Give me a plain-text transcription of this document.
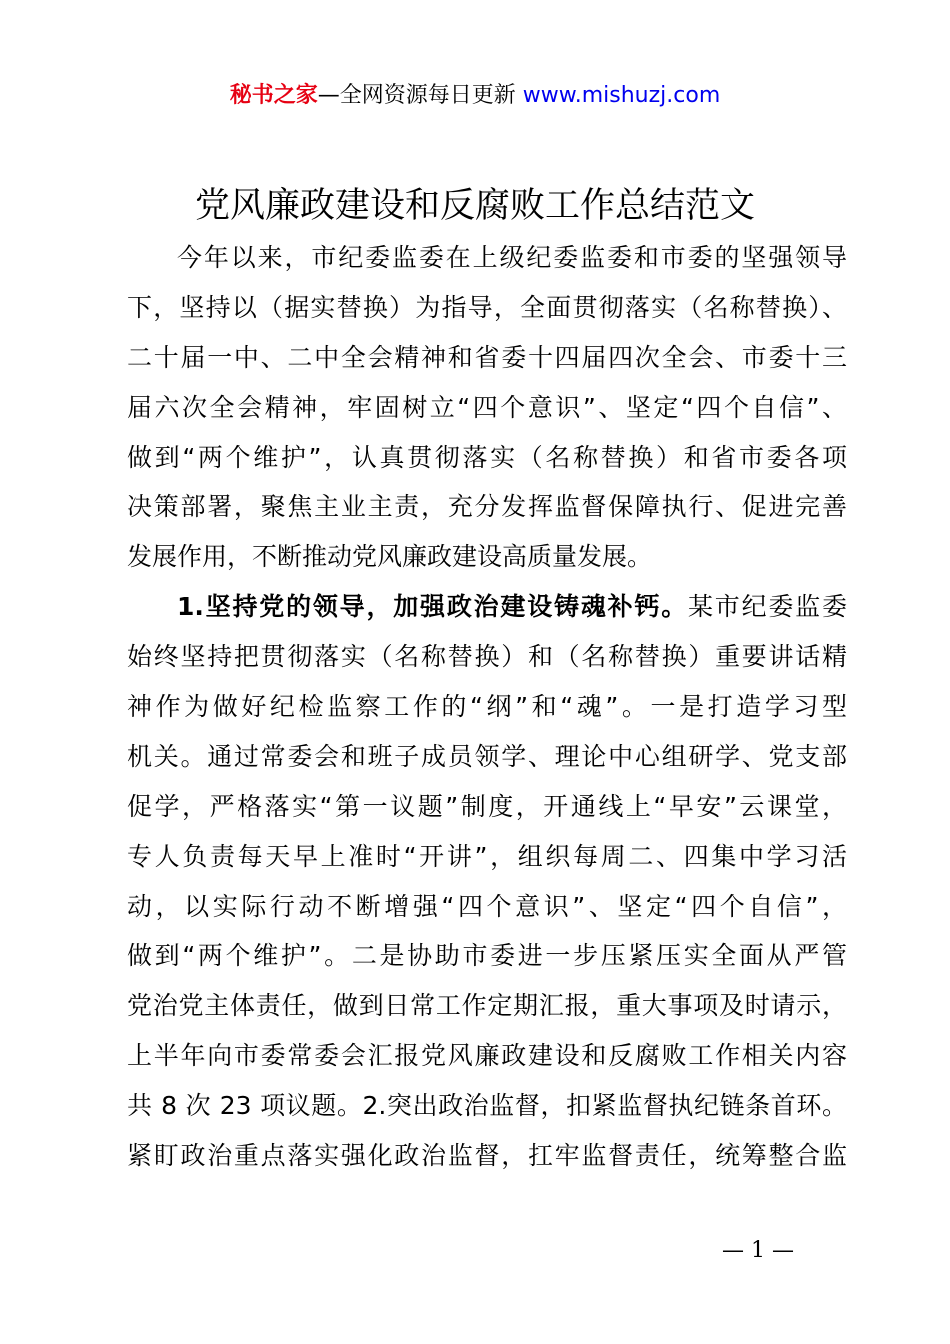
秘书之家—全网资源每日更新 www.mishuzj.com
党风廉政建设和反腐败工作总结范文
今年以来，市纪委监委在上级纪委监委和市委的坚强领导
下，坚持以（据实替换）为指导，全面贯彻落实（名称替换）、
二十届一中、二中全会精神和省委十四届四次全会、市委十三
届六次全会精神，牢固树立“四个意识”、坚定“四个自信”、
做到“两个维护”，认真贯彻落实（名称替换）和省市委各项
决策部署，聚焦主业主责，充分发挥监督保障执行、促进完善
发展作用，不断推动党风廉政建设高质量发展。
1.坚持党的领导，加强政治建设铸魂补钙。某市纪委监委
始终坚持把贯彻落实（名称替换）和（名称替换）重要讲话精
神作为做好纪检监察工作的“纲”和“魂”。一是打造学习型
机关。通过常委会和班子成员领学、理论中心组研学、党支部
促学，严格落实“第一议题”制度，开通线上“早安”云课堂，
专人负责每天早上准时“开讲”，组织每周二、四集中学习活
动，以实际行动不断增强“四个意识”、坚定“四个自信”，
做到“两个维护”。二是协助市委进一步压紧压实全面从严管
党治党主体责任，做到日常工作定期汇报，重大事项及时请示，
上半年向市委常委会汇报党风廉政建设和反腐败工作相关内容
共 8 次 23 项议题。2.突出政治监督，扣紧监督执纪链条首环。
紧盯政治重点落实强化政治监督，扛牢监督责任，统筹整合监
— 1 —
